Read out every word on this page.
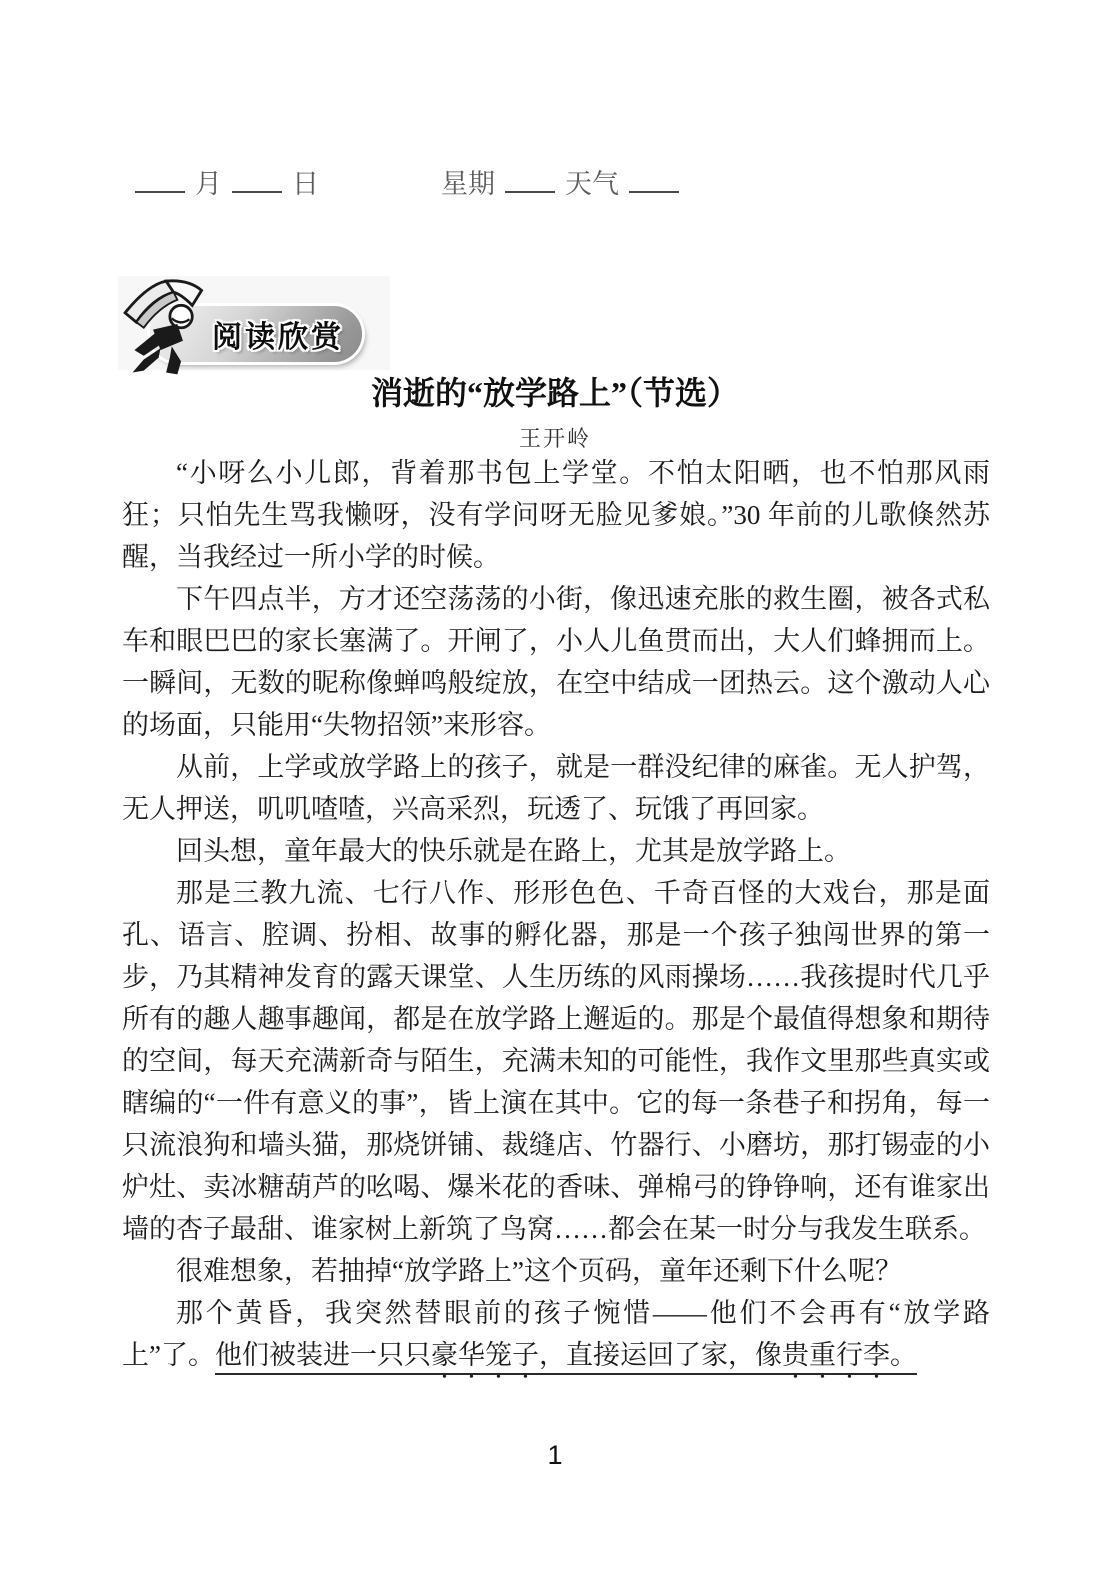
月	日	星期	天气
阅读欣赏
消逝的“放学路上”（节选）
王开岭

“小呀么小儿郎，背着那书包上学堂。不怕太阳晒，也不怕那风雨狂；只怕先生骂我懒呀，没有学问呀无脸见爹娘。”30 年前的儿歌倏然苏醒，当我经过一所小学的时候。

下午四点半，方才还空荡荡的小街，像迅速充胀的救生圈，被各式私车和眼巴巴的家长塞满了。开闸了，小人儿鱼贯而出，大人们蜂拥而上。一瞬间，无数的昵称像蝉鸣般绽放，在空中结成一团热云。这个激动人心的场面，只能用“失物招领”来形容。

从前，上学或放学路上的孩子，就是一群没纪律的麻雀。无人护驾，无人押送，叽叽喳喳，兴高采烈，玩透了、玩饿了再回家。

回头想，童年最大的快乐就是在路上，尤其是放学路上。

那是三教九流、七行八作、形形色色、千奇百怪的大戏台，那是面孔、语言、腔调、扮相、故事的孵化器，那是一个孩子独闯世界的第一步，乃其精神发育的露天课堂、人生历练的风雨操场……我孩提时代几乎所有的趣人趣事趣闻，都是在放学路上邂逅的。那是个最值得想象和期待的空间，每天充满新奇与陌生，充满未知的可能性，我作文里那些真实或瞎编的“一件有意义的事”，皆上演在其中。它的每一条巷子和拐角，每一只流浪狗和墙头猫，那烧饼铺、裁缝店、竹器行、小磨坊，那打锡壶的小炉灶、卖冰糖葫芦的吆喝、爆米花的香味、弹棉弓的铮铮响，还有谁家出墙的杏子最甜、谁家树上新筑了鸟窝……都会在某一时分与我发生联系。

很难想象，若抽掉“放学路上”这个页码，童年还剩下什么呢？

那个黄昏，我突然替眼前的孩子惋惜——他们不会再有“放学路上”了。他们被装进一只只豪华笼子，直接运回了家，像贵重行李。

1
